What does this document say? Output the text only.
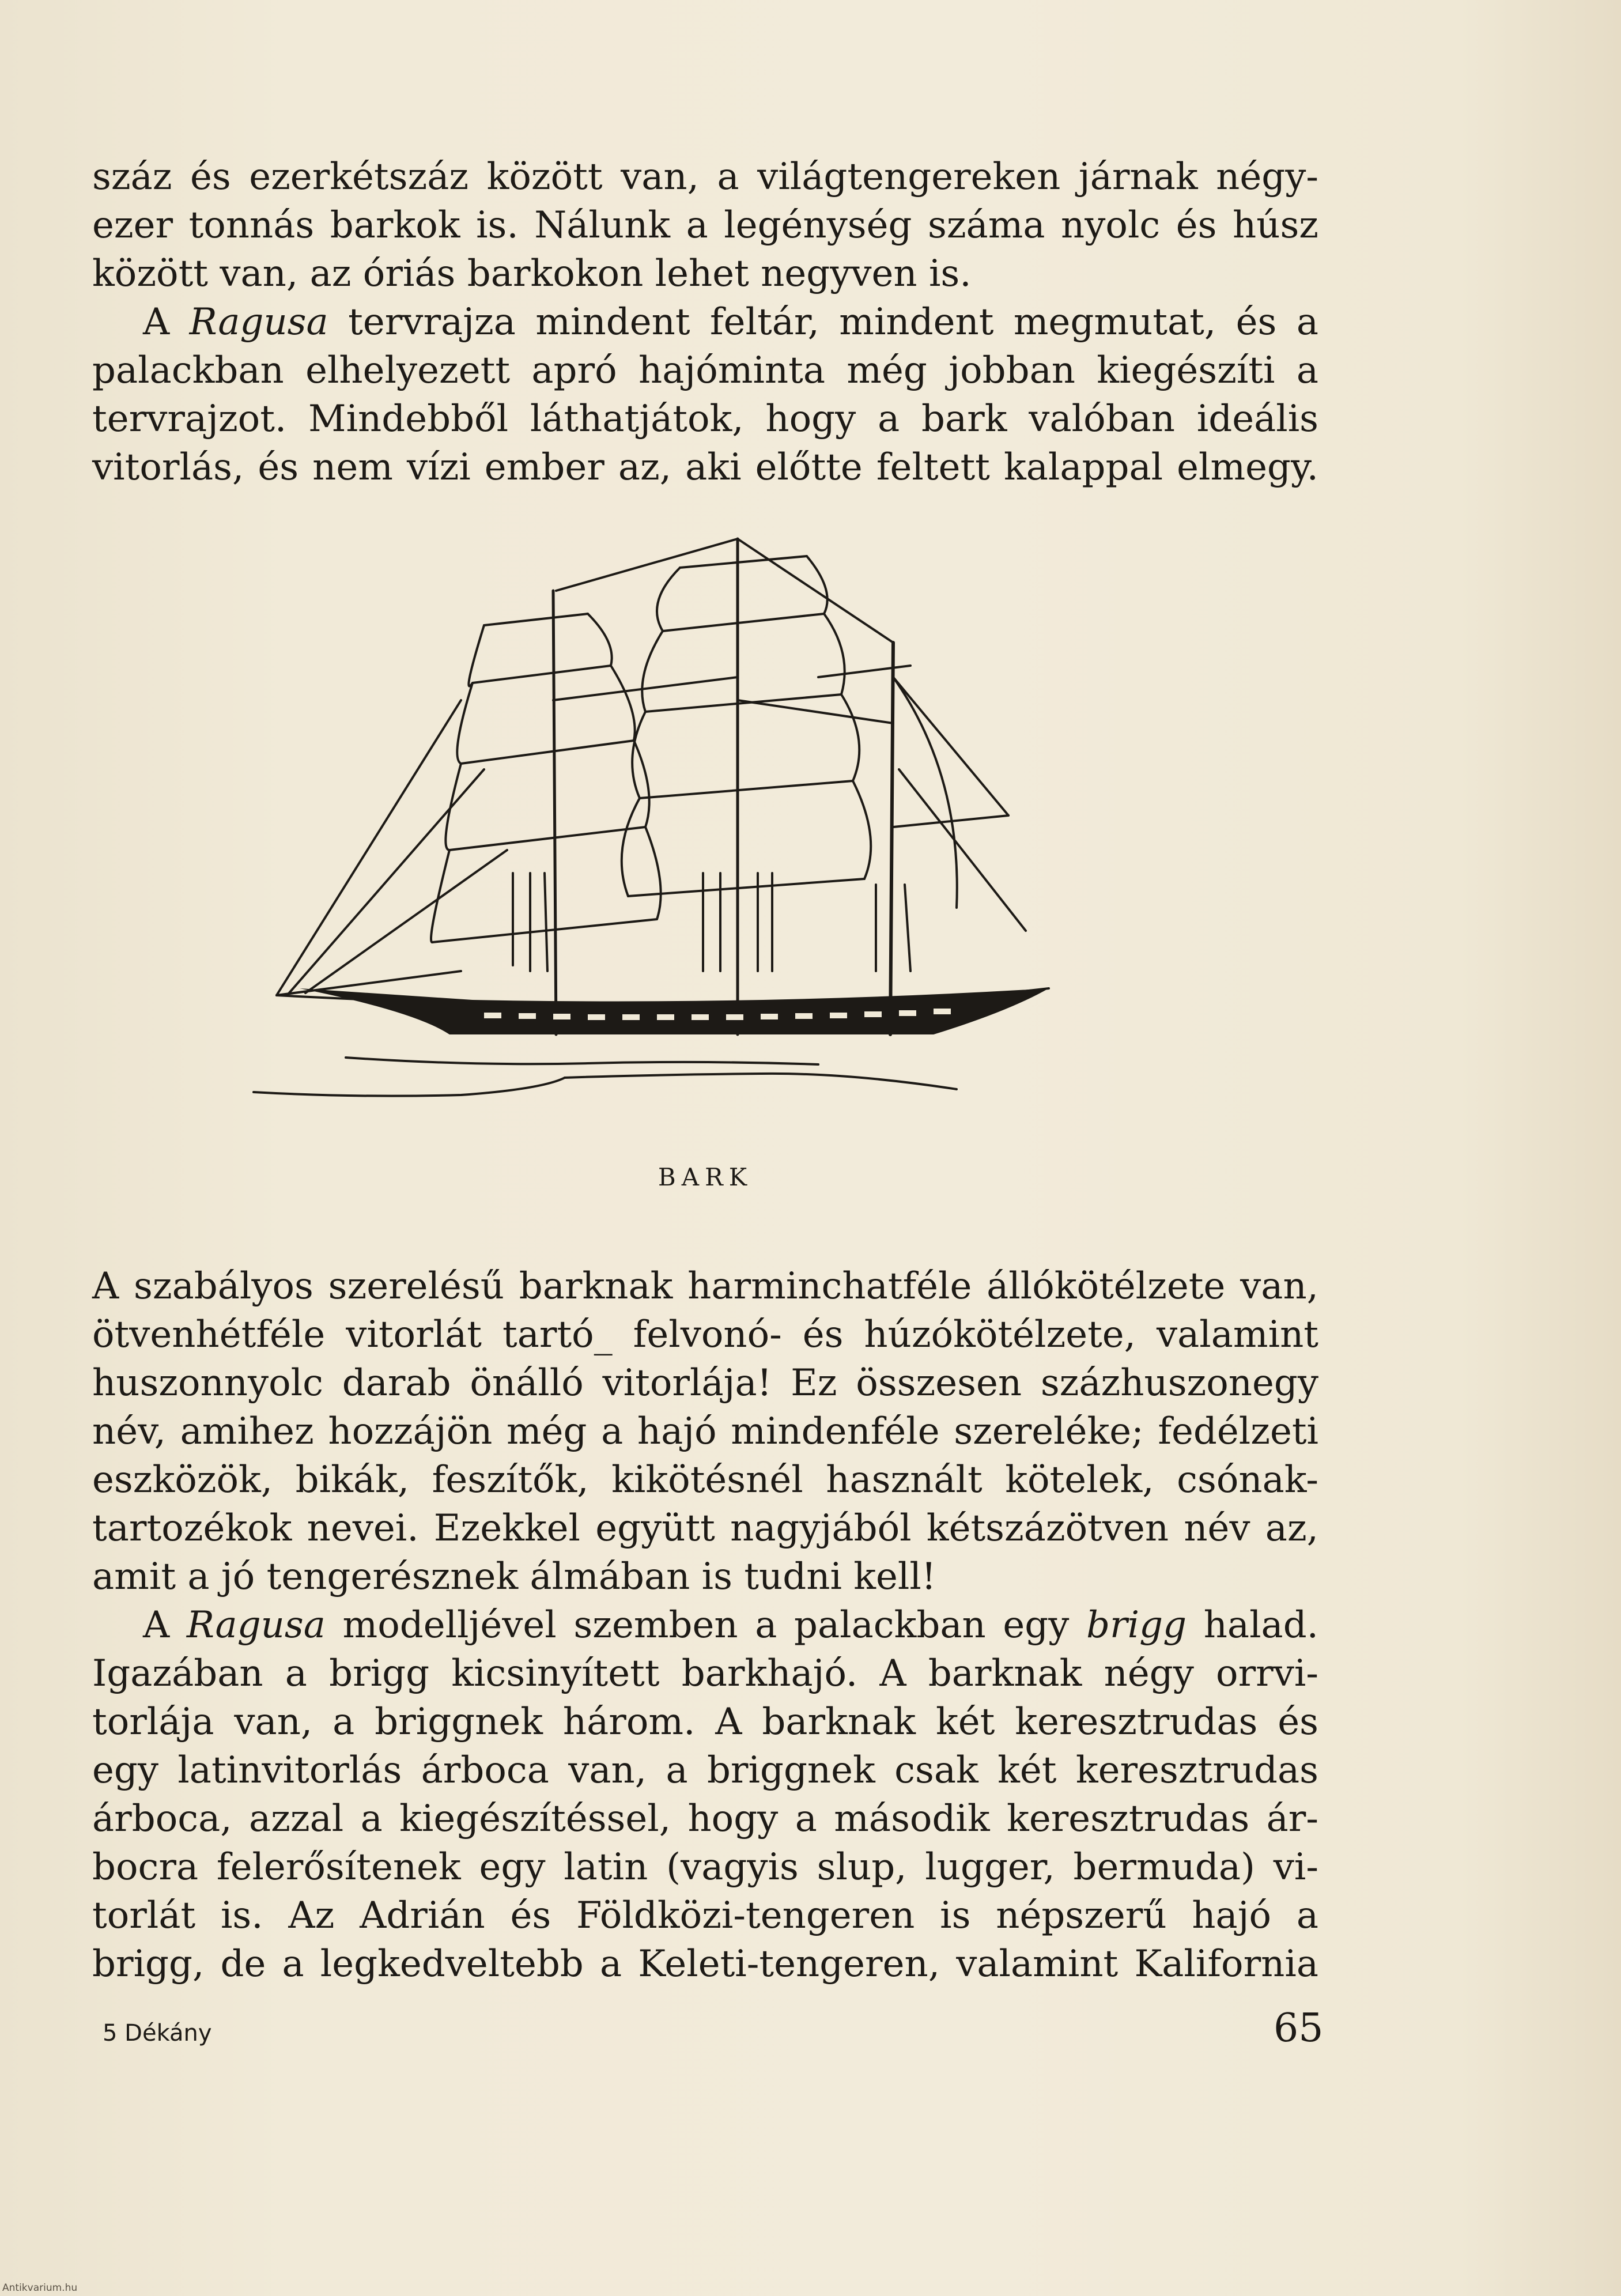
száz és ezerkétszáz között van, a világtengereken járnak négy-ezer tonnás barkok is. Nálunk a legénység száma nyolc és húsz között van, az óriás barkokon lehet negyven is.

A Ragusa tervrajza mindent feltár, mindent megmutat, és a palackban elhelyezett apró hajóminta még jobban kiegészíti a tervrajzot. Mindebből láthatjátok, hogy a bark valóban ideális vitorlás, és nem vízi ember az, aki előtte feltett kalappal elmegy.

BARK

A szabályos szerelésű barknak harminchatféle állókötélzete van, ötvenhétféle vitorlát tartó_ felvonó- és húzókötélzete, valamint huszonnyolc darab önálló vitorlája! Ez összesen százhuszonegy név, amihez hozzájön még a hajó mindenféle szereléke; fedélzeti eszközök, bikák, feszítők, kikötésnél használt kötelek, csónak-tartozékok nevei. Ezekkel együtt nagyjából kétszázötven név az, amit a jó tengerésznek álmában is tudni kell!

A Ragusa modelljével szemben a palackban egy brigg halad. Igazában a brigg kicsinyített barkhajó. A barknak négy orrvi-torlája van, a briggnek három. A barknak két keresztrudas és egy latinvitorlás árboca van, a briggnek csak két keresztrudas árboca, azzal a kiegészítéssel, hogy a második keresztrudas ár-bocra felerősítenek egy latin (vagyis slup, lugger, bermuda) vi-torlát is. Az Adrián és Földközi-tengeren is népszerű hajó a brigg, de a legkedveltebb a Keleti-tengeren, valamint Kalifornia

5 Dékány	65
Antikvarium.hu
